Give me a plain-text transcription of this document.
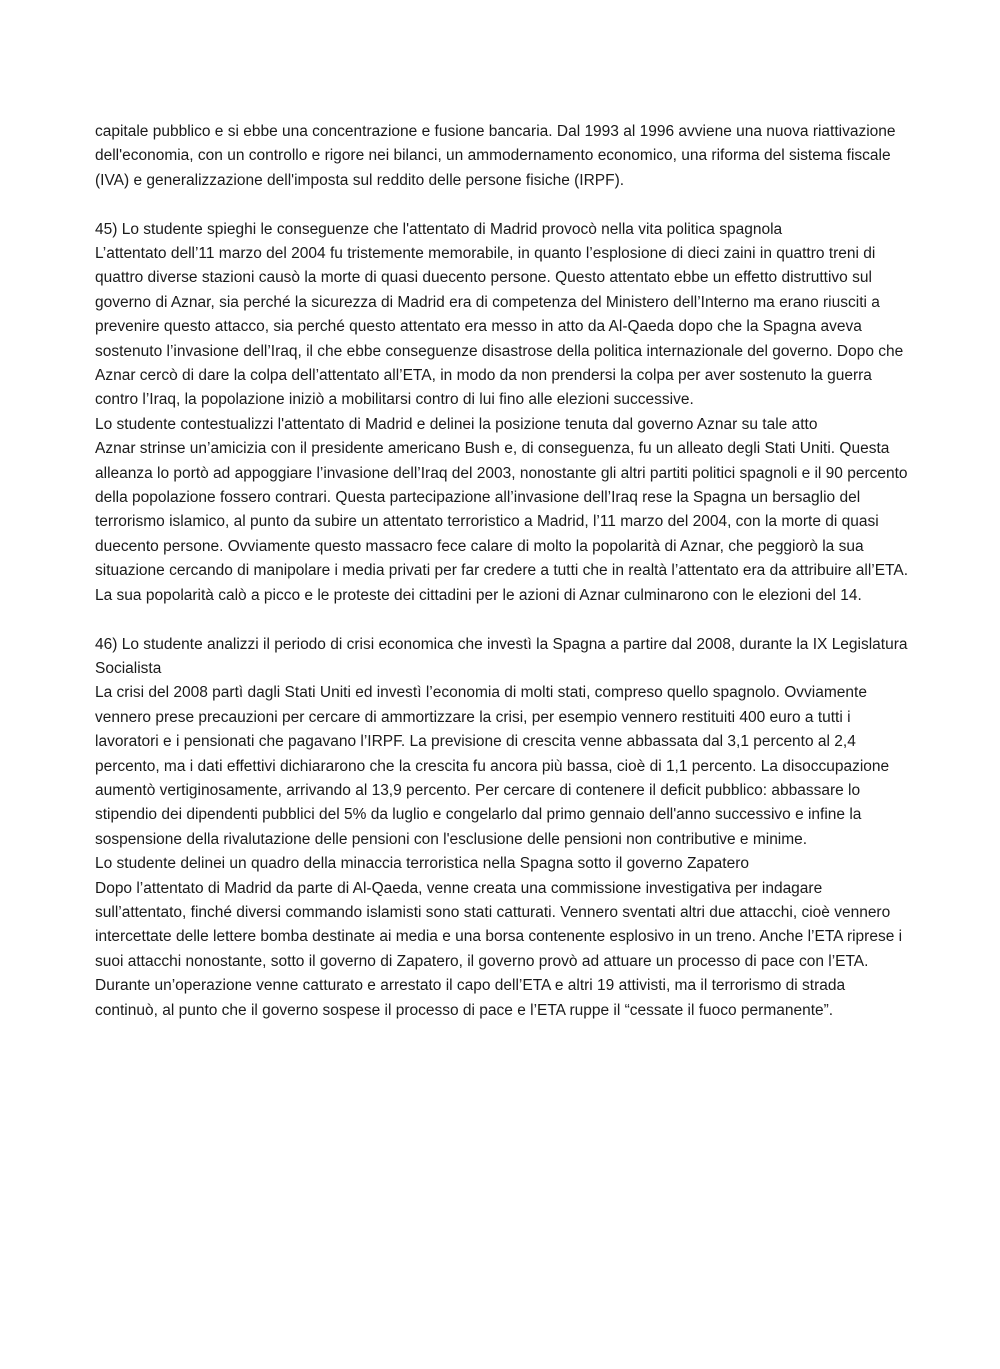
capitale pubblico e si ebbe una concentrazione e fusione bancaria. Dal 1993 al 1996 avviene una nuova riattivazione dell'economia, con un controllo e rigore nei bilanci, un ammodernamento economico, una riforma del sistema fiscale (IVA) e generalizzazione dell'imposta sul reddito delle persone fisiche (IRPF).

45) Lo studente spieghi le conseguenze che l'attentato di Madrid provocò nella vita politica spagnola

L’attentato dell’11 marzo del 2004 fu tristemente memorabile, in quanto l’esplosione di dieci zaini in quattro treni di quattro diverse stazioni causò la morte di quasi duecento persone. Questo attentato ebbe un effetto distruttivo sul governo di Aznar, sia perché la sicurezza di Madrid era di competenza del Ministero dell’Interno ma erano riusciti a prevenire questo attacco, sia perché questo attentato era messo in atto da Al-Qaeda dopo che la Spagna aveva sostenuto l’invasione dell’Iraq, il che ebbe conseguenze disastrose della politica internazionale del governo. Dopo che Aznar cercò di dare la colpa dell’attentato all’ETA, in modo da non prendersi la colpa per aver sostenuto la guerra contro l’Iraq, la popolazione iniziò a mobilitarsi contro di lui fino alle elezioni successive.

Lo studente contestualizzi l'attentato di Madrid e delinei la posizione tenuta dal governo Aznar su tale atto

Aznar strinse un’amicizia con il presidente americano Bush e, di conseguenza, fu un alleato degli Stati Uniti. Questa alleanza lo portò ad appoggiare l’invasione dell’Iraq del 2003, nonostante gli altri partiti politici spagnoli e il 90 percento della popolazione fossero contrari. Questa partecipazione all’invasione dell’Iraq rese la Spagna un bersaglio del terrorismo islamico, al punto da subire un attentato terroristico a Madrid, l’11 marzo del 2004, con la morte di quasi duecento persone. Ovviamente questo massacro fece calare di molto la popolarità di Aznar, che peggiorò la sua situazione cercando di manipolare i media privati per far credere a tutti che in realtà l’attentato era da attribuire all’ETA. La sua popolarità calò a picco e le proteste dei cittadini per le azioni di Aznar culminarono con le elezioni del 14.

46) Lo studente analizzi il periodo di crisi economica che investì la Spagna a partire dal 2008, durante la IX Legislatura Socialista

La crisi del 2008 partì dagli Stati Uniti ed investì l’economia di molti stati, compreso quello spagnolo. Ovviamente vennero prese precauzioni per cercare di ammortizzare la crisi, per esempio vennero restituiti 400 euro a tutti i lavoratori e i pensionati che pagavano l’IRPF. La previsione di crescita venne abbassata dal 3,1 percento al 2,4 percento, ma i dati effettivi dichiararono che la crescita fu ancora più bassa, cioè di 1,1 percento. La disoccupazione aumentò vertiginosamente, arrivando al 13,9 percento. Per cercare di contenere il deficit pubblico: abbassare lo stipendio dei dipendenti pubblici del 5% da luglio e congelarlo dal primo gennaio dell'anno successivo e infine la sospensione della rivalutazione delle pensioni con l'esclusione delle pensioni non contributive e minime.

Lo studente delinei un quadro della minaccia terroristica nella Spagna sotto il governo Zapatero

Dopo l’attentato di Madrid da parte di Al-Qaeda, venne creata una commissione investigativa per indagare sull’attentato, finché diversi commando islamisti sono stati catturati. Vennero sventati altri due attacchi, cioè vennero intercettate delle lettere bomba destinate ai media e una borsa contenente esplosivo in un treno. Anche l’ETA riprese i suoi attacchi nonostante, sotto il governo di Zapatero, il governo provò ad attuare un processo di pace con l’ETA. Durante un’operazione venne catturato e arrestato il capo dell’ETA e altri 19 attivisti, ma il terrorismo di strada continuò, al punto che il governo sospese il processo di pace e l’ETA ruppe il “cessate il fuoco permanente”.
